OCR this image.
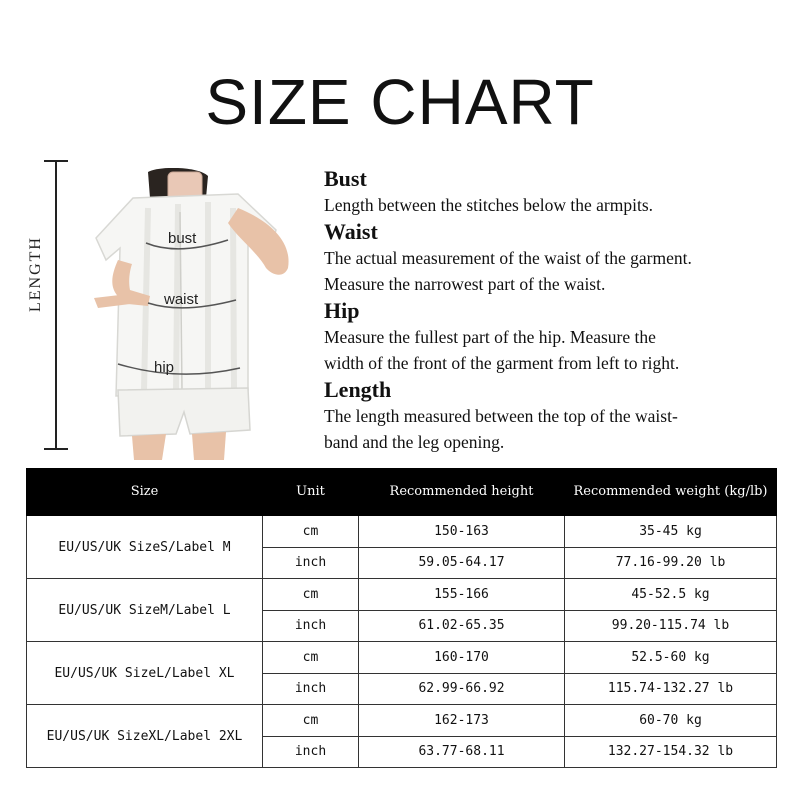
SIZE CHART
LENGTH	bust
waist
hip
Bust
Length between the stitches below the armpits.
Waist
The actual measurement of the waist of the garment.
Measure the narrowest part of the waist.
Hip
Measure the fullest part of the hip. Measure the
width of the front of the garment from left to right.
Length
The length measured between the top of the waist-
band and the leg opening.
Size	Unit	Recommended height	Recommended weight (kg/lb)
EU/US/UK SizeS/Label M	cm	150-163	35-45 kg
	inch	59.05-64.17	77.16-99.20 lb
EU/US/UK SizeM/Label L	cm	155-166	45-52.5 kg
	inch	61.02-65.35	99.20-115.74 lb
EU/US/UK SizeL/Label XL	cm	160-170	52.5-60 kg
	inch	62.99-66.92	115.74-132.27 lb
EU/US/UK SizeXL/Label 2XL	cm	162-173	60-70 kg
	inch	63.77-68.11	132.27-154.32 lb
